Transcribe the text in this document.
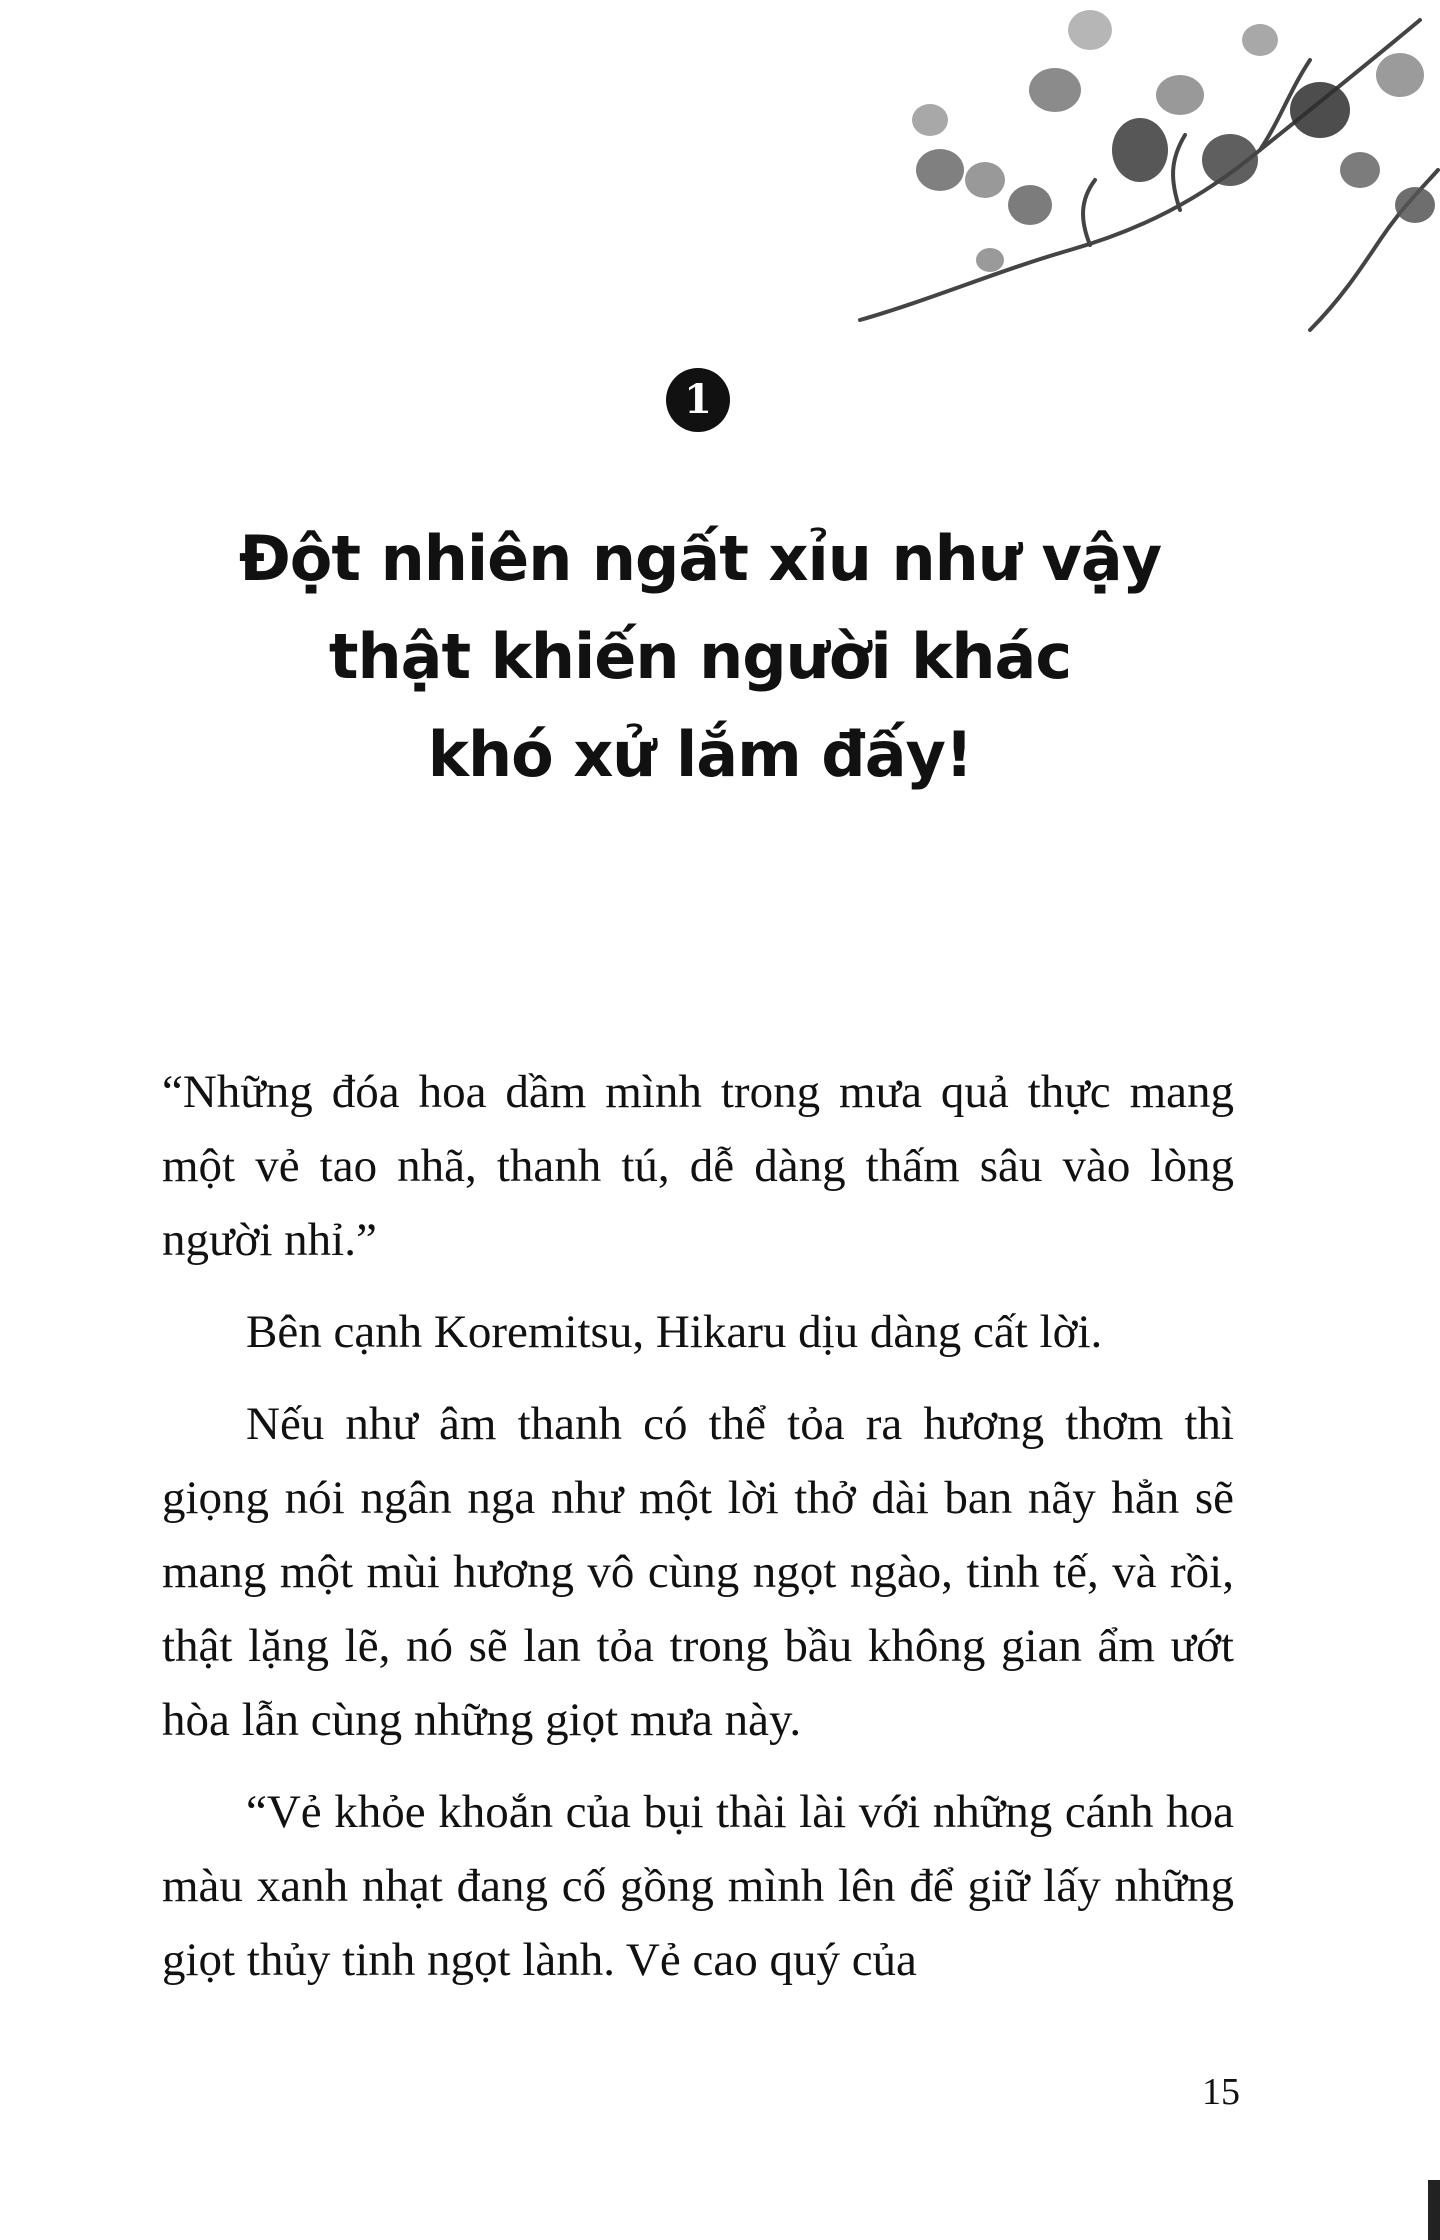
1
Đột nhiên ngất xỉu như vậy
thật khiến người khác
khó xử lắm đấy!

“Những đóa hoa dầm mình trong mưa quả thực mang một vẻ tao nhã, thanh tú, dễ dàng thấm sâu vào lòng người nhỉ.”

Bên cạnh Koremitsu, Hikaru dịu dàng cất lời.

Nếu như âm thanh có thể tỏa ra hương thơm thì giọng nói ngân nga như một lời thở dài ban nãy hẳn sẽ mang một mùi hương vô cùng ngọt ngào, tinh tế, và rồi, thật lặng lẽ, nó sẽ lan tỏa trong bầu không gian ẩm ướt hòa lẫn cùng những giọt mưa này.

“Vẻ khỏe khoắn của bụi thài lài với những cánh hoa màu xanh nhạt đang cố gồng mình lên để giữ lấy những giọt thủy tinh ngọt lành. Vẻ cao quý của

15
